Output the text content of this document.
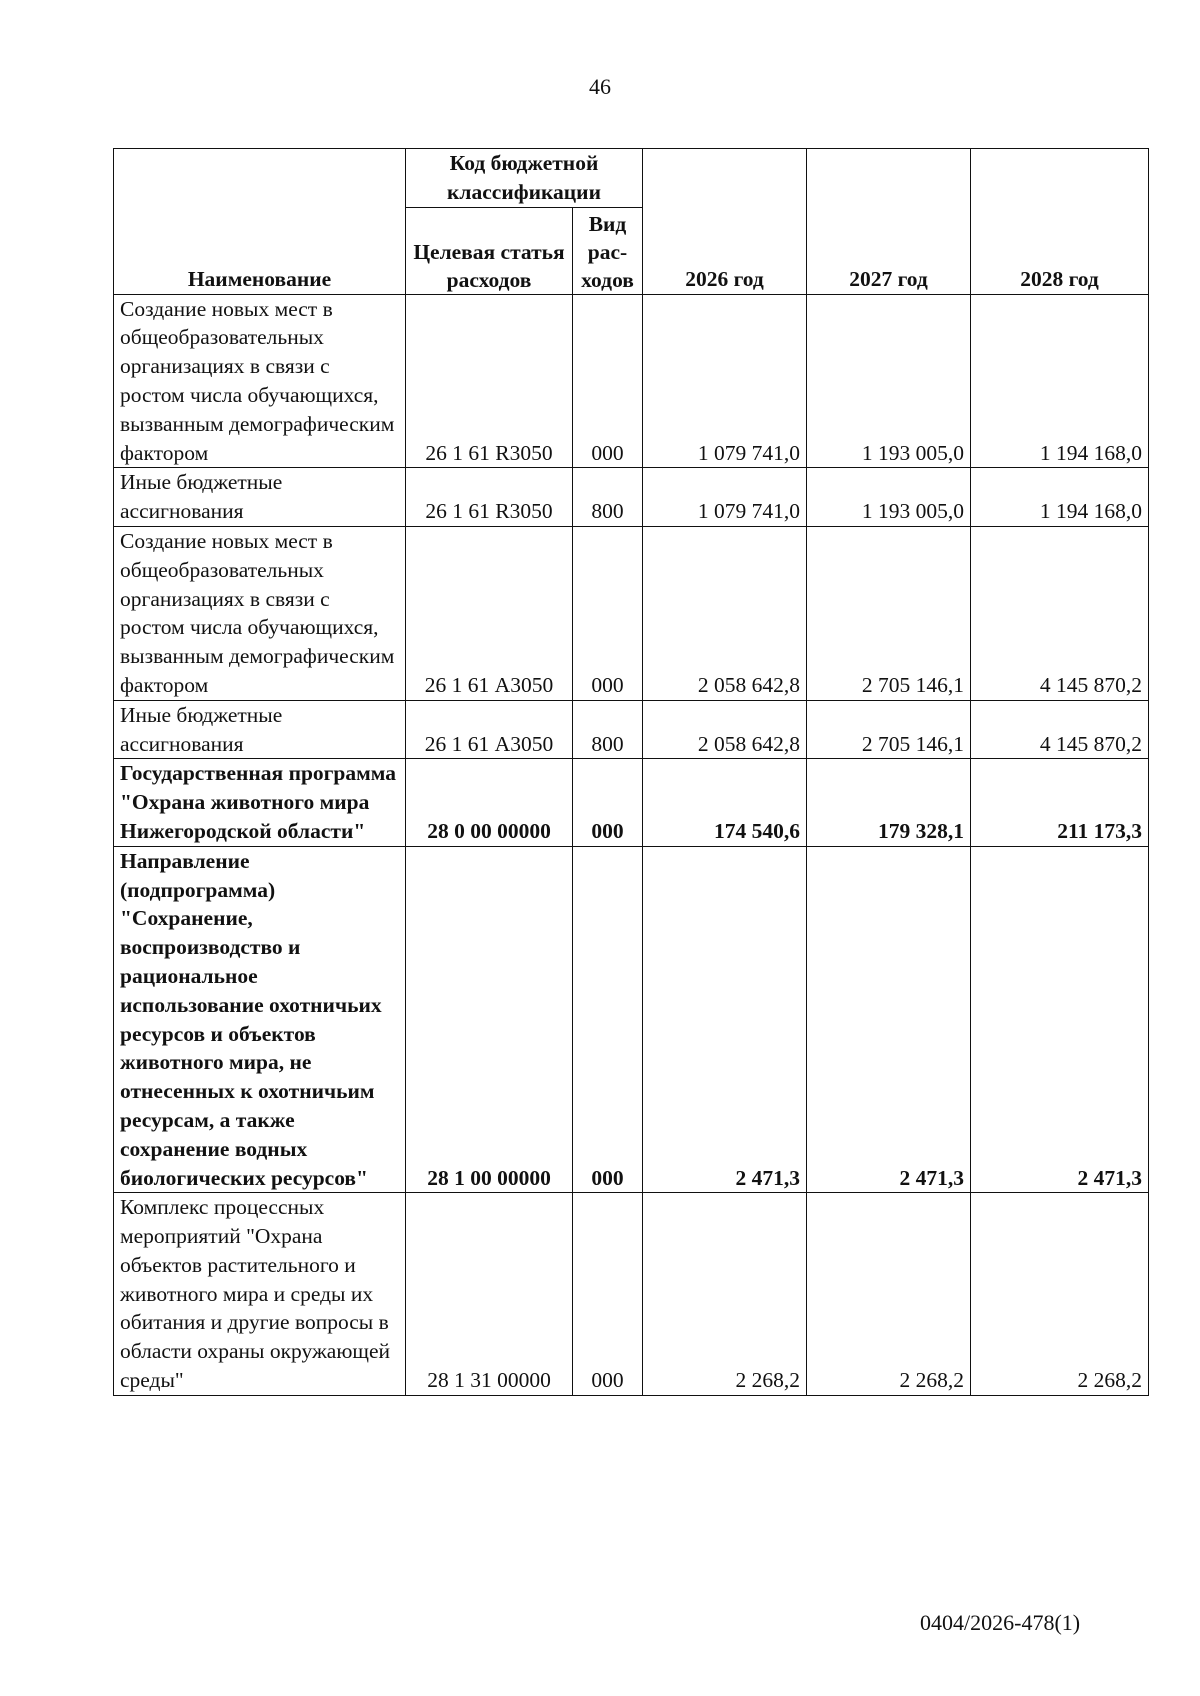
46
Наименование	Код бюджетной классификации		2026 год	2027 год	2028 год
	Целевая статья расходов	Вид рас-ходов			
Создание новых мест в общеобразовательных организациях в связи с ростом числа обучающихся, вызванным демографическим фактором	26 1 61 R3050	000	1 079 741,0	1 193 005,0	1 194 168,0
Иные бюджетные ассигнования	26 1 61 R3050	800	1 079 741,0	1 193 005,0	1 194 168,0
Создание новых мест в общеобразовательных организациях в связи с ростом числа обучающихся, вызванным демографическим фактором	26 1 61 А3050	000	2 058 642,8	2 705 146,1	4 145 870,2
Иные бюджетные ассигнования	26 1 61 А3050	800	2 058 642,8	2 705 146,1	4 145 870,2
Государственная программа "Охрана животного мира Нижегородской области"	28 0 00 00000	000	174 540,6	179 328,1	211 173,3
Направление (подпрограмма) "Сохранение, воспроизводство и рациональное использование охотничьих ресурсов и объектов животного мира, не отнесенных к охотничьим ресурсам, а также сохранение водных биологических ресурсов"	28 1 00 00000	000	2 471,3	2 471,3	2 471,3
Комплекс процессных мероприятий "Охрана объектов растительного и животного мира и среды их обитания и другие вопросы в области охраны окружающей среды"	28 1 31 00000	000	2 268,2	2 268,2	2 268,2
0404/2026-478(1)
